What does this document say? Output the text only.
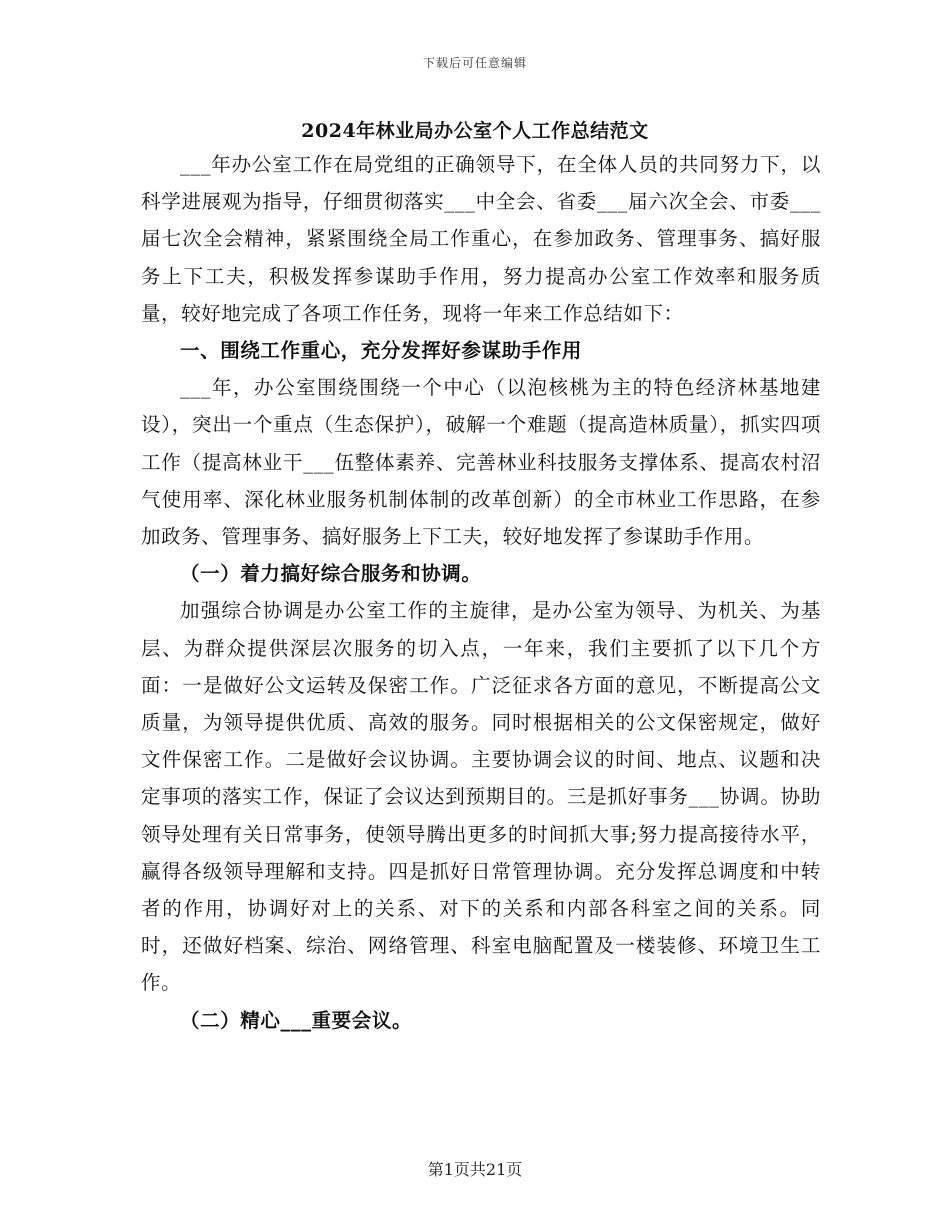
下载后可任意编辑
2024年林业局办公室个人工作总结范文

___年办公室工作在局党组的正确领导下，在全体人员的共同努力下，以科学进展观为指导，仔细贯彻落实___中全会、省委___届六次全会、市委___届七次全会精神，紧紧围绕全局工作重心，在参加政务、管理事务、搞好服务上下工夫，积极发挥参谋助手作用，努力提高办公室工作效率和服务质量，较好地完成了各项工作任务，现将一年来工作总结如下：

一、围绕工作重心，充分发挥好参谋助手作用

___年，办公室围绕围绕一个中心（以泡核桃为主的特色经济林基地建设），突出一个重点（生态保护），破解一个难题（提高造林质量），抓实四项工作（提高林业干___伍整体素养、完善林业科技服务支撑体系、提高农村沼气使用率、深化林业服务机制体制的改革创新）的全市林业工作思路，在参加政务、管理事务、搞好服务上下工夫，较好地发挥了参谋助手作用。

（一）着力搞好综合服务和协调。

加强综合协调是办公室工作的主旋律，是办公室为领导、为机关、为基层、为群众提供深层次服务的切入点，一年来，我们主要抓了以下几个方面：一是做好公文运转及保密工作。广泛征求各方面的意见，不断提高公文质量，为领导提供优质、高效的服务。同时根据相关的公文保密规定，做好文件保密工作。二是做好会议协调。主要协调会议的时间、地点、议题和决定事项的落实工作，保证了会议达到预期目的。三是抓好事务___协调。协助领导处理有关日常事务，使领导腾出更多的时间抓大事;努力提高接待水平，赢得各级领导理解和支持。四是抓好日常管理协调。充分发挥总调度和中转者的作用，协调好对上的关系、对下的关系和内部各科室之间的关系。同时，还做好档案、综治、网络管理、科室电脑配置及一楼装修、环境卫生工作。

（二）精心___重要会议。

第1页共21页
